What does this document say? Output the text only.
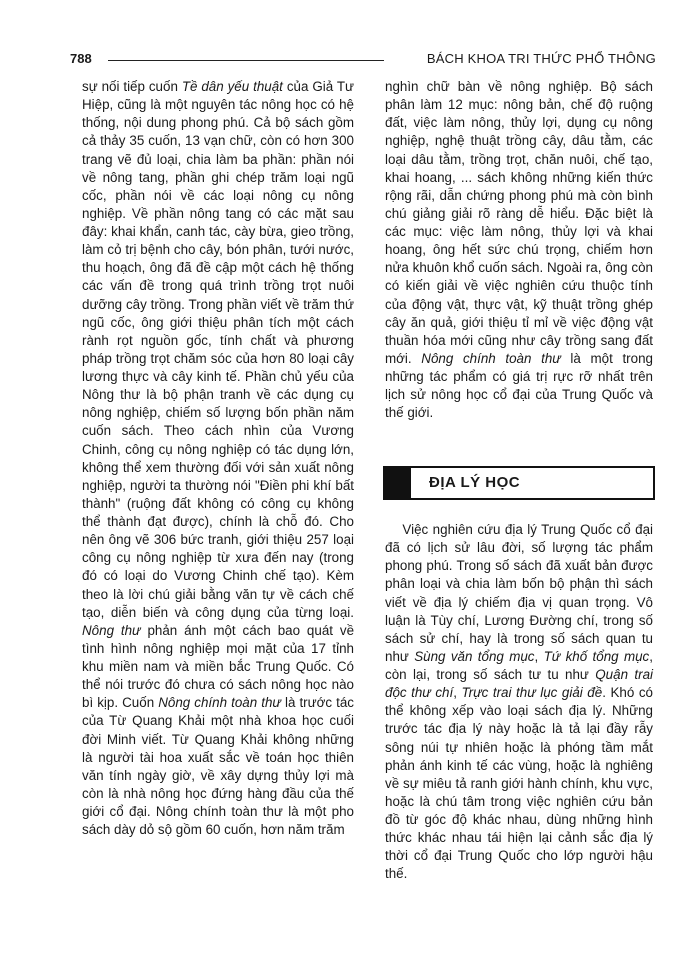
788	BÁCH KHOA TRI THỨC PHỔ THÔNG

sự nối tiếp cuốn Tề dân yếu thuật của Giả Tư Hiệp, cũng là một nguyên tác nông học có hệ thống, nội dung phong phú. Cả bộ sách gồm cả thảy 35 cuốn, 13 vạn chữ, còn có hơn 300 trang vẽ đủ loại, chia làm ba phần: phần nói về nông tang, phần ghi chép trăm loại ngũ cốc, phần nói về các loại nông cụ nông nghiệp. Về phần nông tang có các mặt sau đây: khai khẩn, canh tác, cày bừa, gieo trồng, làm cỏ trị bệnh cho cây, bón phân, tưới nước, thu hoạch, ông đã đề cập một cách hệ thống các vấn đề trong quá trình trồng trọt nuôi dưỡng cây trồng. Trong phần viết về trăm thứ ngũ cốc, ông giới thiệu phân tích một cách rành rọt nguồn gốc, tính chất và phương pháp trồng trọt chăm sóc của hơn 80 loại cây lương thực và cây kinh tế. Phần chủ yếu của Nông thư là bộ phận tranh về các dụng cụ nông nghiệp, chiếm số lượng bốn phần năm cuốn sách. Theo cách nhìn của Vương Chinh, công cụ nông nghiệp có tác dụng lớn, không thể xem thường đối với sản xuất nông nghiệp, người ta thường nói "Điền phi khí bất thành" (ruộng đất không có công cụ không thể thành đạt được), chính là chỗ đó. Cho nên ông vẽ 306 bức tranh, giới thiệu 257 loại công cụ nông nghiệp từ xưa đến nay (trong đó có loại do Vương Chinh chế tạo). Kèm theo là lời chú giải bằng văn tự về cách chế tạo, diễn biến và công dụng của từng loại. Nông thư phản ánh một cách bao quát về tình hình nông nghiệp mọi mặt của 17 tỉnh khu miền nam và miền bắc Trung Quốc. Có thể nói trước đó chưa có sách nông học nào bì kịp. Cuốn Nông chính toàn thư là trước tác của Từ Quang Khải một nhà khoa học cuối đời Minh viết. Từ Quang Khải không những là người tài hoa xuất sắc về toán học thiên văn tính ngày giờ, về xây dựng thủy lợi mà còn là nhà nông học đứng hàng đầu của thế giới cổ đại. Nông chính toàn thư là một pho sách dày dỏ sộ gồm 60 cuốn, hơn năm trăm

nghìn chữ bàn về nông nghiệp. Bộ sách phân làm 12 mục: nông bản, chế độ ruộng đất, việc làm nông, thủy lợi, dụng cụ nông nghiệp, nghệ thuật trồng cây, dâu tằm, các loại dâu tằm, trồng trọt, chăn nuôi, chế tạo, khai hoang, ... sách không những kiến thức rộng rãi, dẫn chứng phong phú mà còn bình chú giảng giải rõ ràng dễ hiểu. Đặc biệt là các mục: việc làm nông, thủy lợi và khai hoang, ông hết sức chú trọng, chiếm hơn nửa khuôn khổ cuốn sách. Ngoài ra, ông còn có kiến giải về việc nghiên cứu thuộc tính của động vật, thực vật, kỹ thuật trồng ghép cây ăn quả, giới thiệu tỉ mỉ về việc động vật thuần hóa mới cũng như cây trồng sang đất mới. Nông chính toàn thư là một trong những tác phẩm có giá trị rực rỡ nhất trên lịch sử nông học cổ đại của Trung Quốc và thế giới.

ĐỊA LÝ HỌC

Việc nghiên cứu địa lý Trung Quốc cổ đại đã có lịch sử lâu đời, số lượng tác phẩm phong phú. Trong số sách đã xuất bản được phân loại và chia làm bốn bộ phận thì sách viết về địa lý chiếm địa vị quan trọng. Vô luận là Tùy chí, Lương Đường chí, trong số sách sử chí, hay là trong số sách quan tu như Sùng văn tổng mục, Tứ khố tổng mục, còn lại, trong số sách tư tu như Quận trai độc thư chí, Trực trai thư lục giải đề. Khó có thể không xếp vào loại sách địa lý. Những trước tác địa lý này hoặc là tả lại đầy rẫy sông núi tự nhiên hoặc là phóng tầm mắt phản ánh kinh tế các vùng, hoặc là nghiêng về sự miêu tả ranh giới hành chính, khu vực, hoặc là chú tâm trong việc nghiên cứu bản đồ từ góc độ khác nhau, dùng những hình thức khác nhau tái hiện lại cảnh sắc địa lý thời cổ đại Trung Quốc cho lớp người hậu thế.
